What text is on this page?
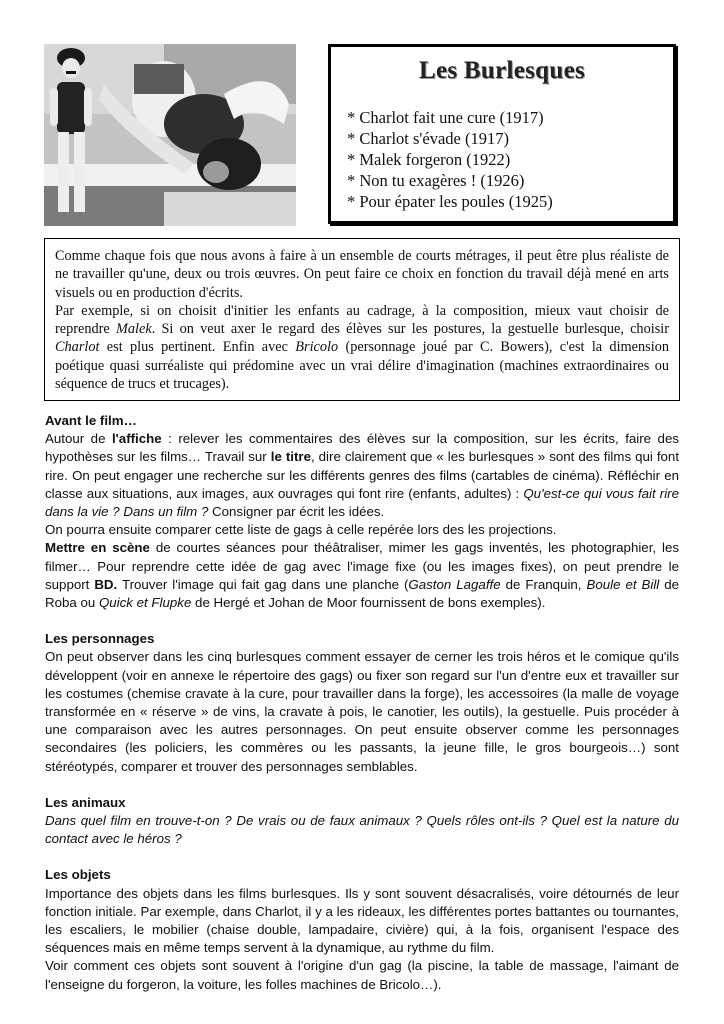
Les Burlesques
* Charlot fait une cure (1917)
* Charlot s'évade (1917)
* Malek forgeron (1922)
* Non tu exagères ! (1926)
* Pour épater les poules (1925)

Comme chaque fois que nous avons à faire à un ensemble de courts métrages, il peut être plus réaliste de ne travailler qu'une, deux ou trois œuvres. On peut faire ce choix en fonction du travail déjà mené en arts visuels ou en production d'écrits.

Par exemple, si on choisit d'initier les enfants au cadrage, à la composition, mieux vaut choisir de reprendre Malek. Si on veut axer le regard des élèves sur les postures, la gestuelle burlesque, choisir Charlot est plus pertinent. Enfin avec Bricolo (personnage joué par C. Bowers), c'est la dimension poétique quasi surréaliste qui prédomine avec un vrai délire d'imagination (machines extraordinaires ou séquence de trucs et trucages).

Avant le film…

Autour de l'affiche : relever les commentaires des élèves sur la composition, sur les écrits, faire des hypothèses sur les films… Travail sur le titre, dire clairement que « les burlesques » sont des films qui font rire. On peut engager une recherche sur les différents genres des films (cartables de cinéma). Réfléchir en classe aux situations, aux images, aux ouvrages qui font rire (enfants, adultes) : Qu'est-ce qui vous fait rire dans la vie ? Dans un film ? Consigner par écrit les idées.

On pourra ensuite comparer cette liste de gags à celle repérée lors des les projections.

Mettre en scène de courtes séances pour théâtraliser, mimer les gags inventés, les photographier, les filmer… Pour reprendre cette idée de gag avec l'image fixe (ou les images fixes), on peut prendre le support BD. Trouver l'image qui fait gag dans une planche (Gaston Lagaffe de Franquin, Boule et Bill de Roba ou Quick et Flupke de Hergé et Johan de Moor fournissent de bons exemples).

Les personnages

On peut observer dans les cinq burlesques comment essayer de cerner les trois héros et le comique qu'ils développent (voir en annexe le répertoire des gags) ou fixer son regard sur l'un d'entre eux et travailler sur les costumes (chemise cravate à la cure, pour travailler dans la forge), les accessoires (la malle de voyage transformée en « réserve » de vins, la cravate à pois, le canotier, les outils), la gestuelle. Puis procéder à une comparaison avec les autres personnages. On peut ensuite observer comme les personnages secondaires (les policiers, les commères ou les passants, la jeune fille, le gros bourgeois…) sont stéréotypés, comparer et trouver des personnages semblables.

Les animaux

Dans quel film en trouve-t-on ? De vrais ou de faux animaux ? Quels rôles ont-ils ? Quel est la nature du contact avec le héros ?

Les objets

Importance des objets dans les films burlesques. Ils y sont souvent désacralisés, voire détournés de leur fonction initiale. Par exemple, dans Charlot, il y a les rideaux, les différentes portes battantes ou tournantes, les escaliers, le mobilier (chaise double, lampadaire, civière) qui, à la fois, organisent l'espace des séquences mais en même temps servent à la dynamique, au rythme du film.

Voir comment ces objets sont souvent à l'origine d'un gag (la piscine, la table de massage, l'aimant de l'enseigne du forgeron, la voiture, les folles machines de Bricolo…).
